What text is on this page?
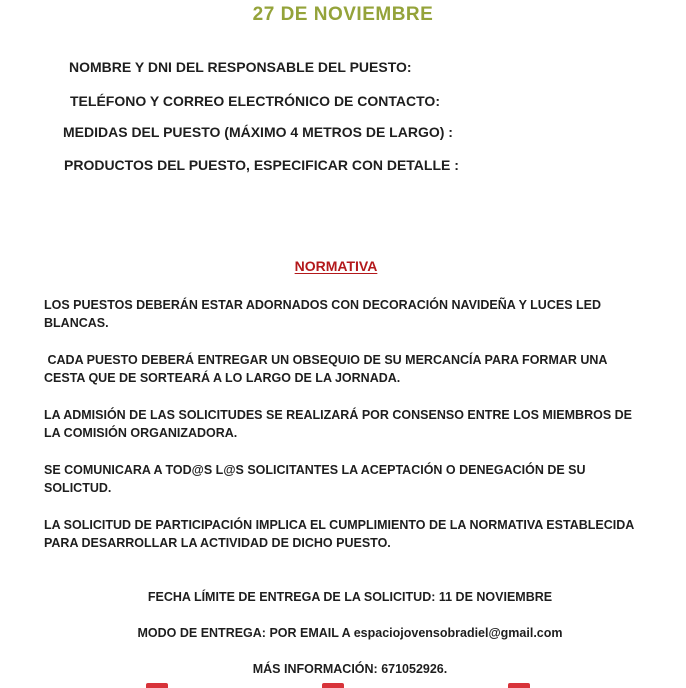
27 DE NOVIEMBRE
NOMBRE Y DNI DEL RESPONSABLE DEL PUESTO:
TELÉFONO Y CORREO ELECTRÓNICO DE CONTACTO:
MEDIDAS DEL PUESTO (MÁXIMO 4 METROS DE LARGO) :
PRODUCTOS DEL PUESTO, ESPECIFICAR CON DETALLE :
NORMATIVA
LOS PUESTOS DEBERÁN ESTAR ADORNADOS CON DECORACIÓN NAVIDEÑA Y LUCES LED BLANCAS.
CADA PUESTO DEBERÁ ENTREGAR UN OBSEQUIO DE SU MERCANCÍA PARA FORMAR UNA CESTA QUE DE SORTEARÁ A LO LARGO DE LA JORNADA.
LA ADMISIÓN DE LAS SOLICITUDES SE REALIZARÁ POR CONSENSO ENTRE LOS MIEMBROS DE LA COMISIÓN ORGANIZADORA.
SE COMUNICARA A TOD@S L@S SOLICITANTES LA ACEPTACIÓN O DENEGACIÓN DE SU SOLICTUD.
LA SOLICITUD DE PARTICIPACIÓN IMPLICA EL CUMPLIMIENTO DE LA NORMATIVA ESTABLECIDA PARA DESARROLLAR LA ACTIVIDAD DE DICHO PUESTO.
FECHA LÍMITE DE ENTREGA DE LA SOLICITUD: 11 DE NOVIEMBRE
MODO DE ENTREGA: POR EMAIL A espaciojovensobradiel@gmail.com
MÁS INFORMACIÓN: 671052926.
